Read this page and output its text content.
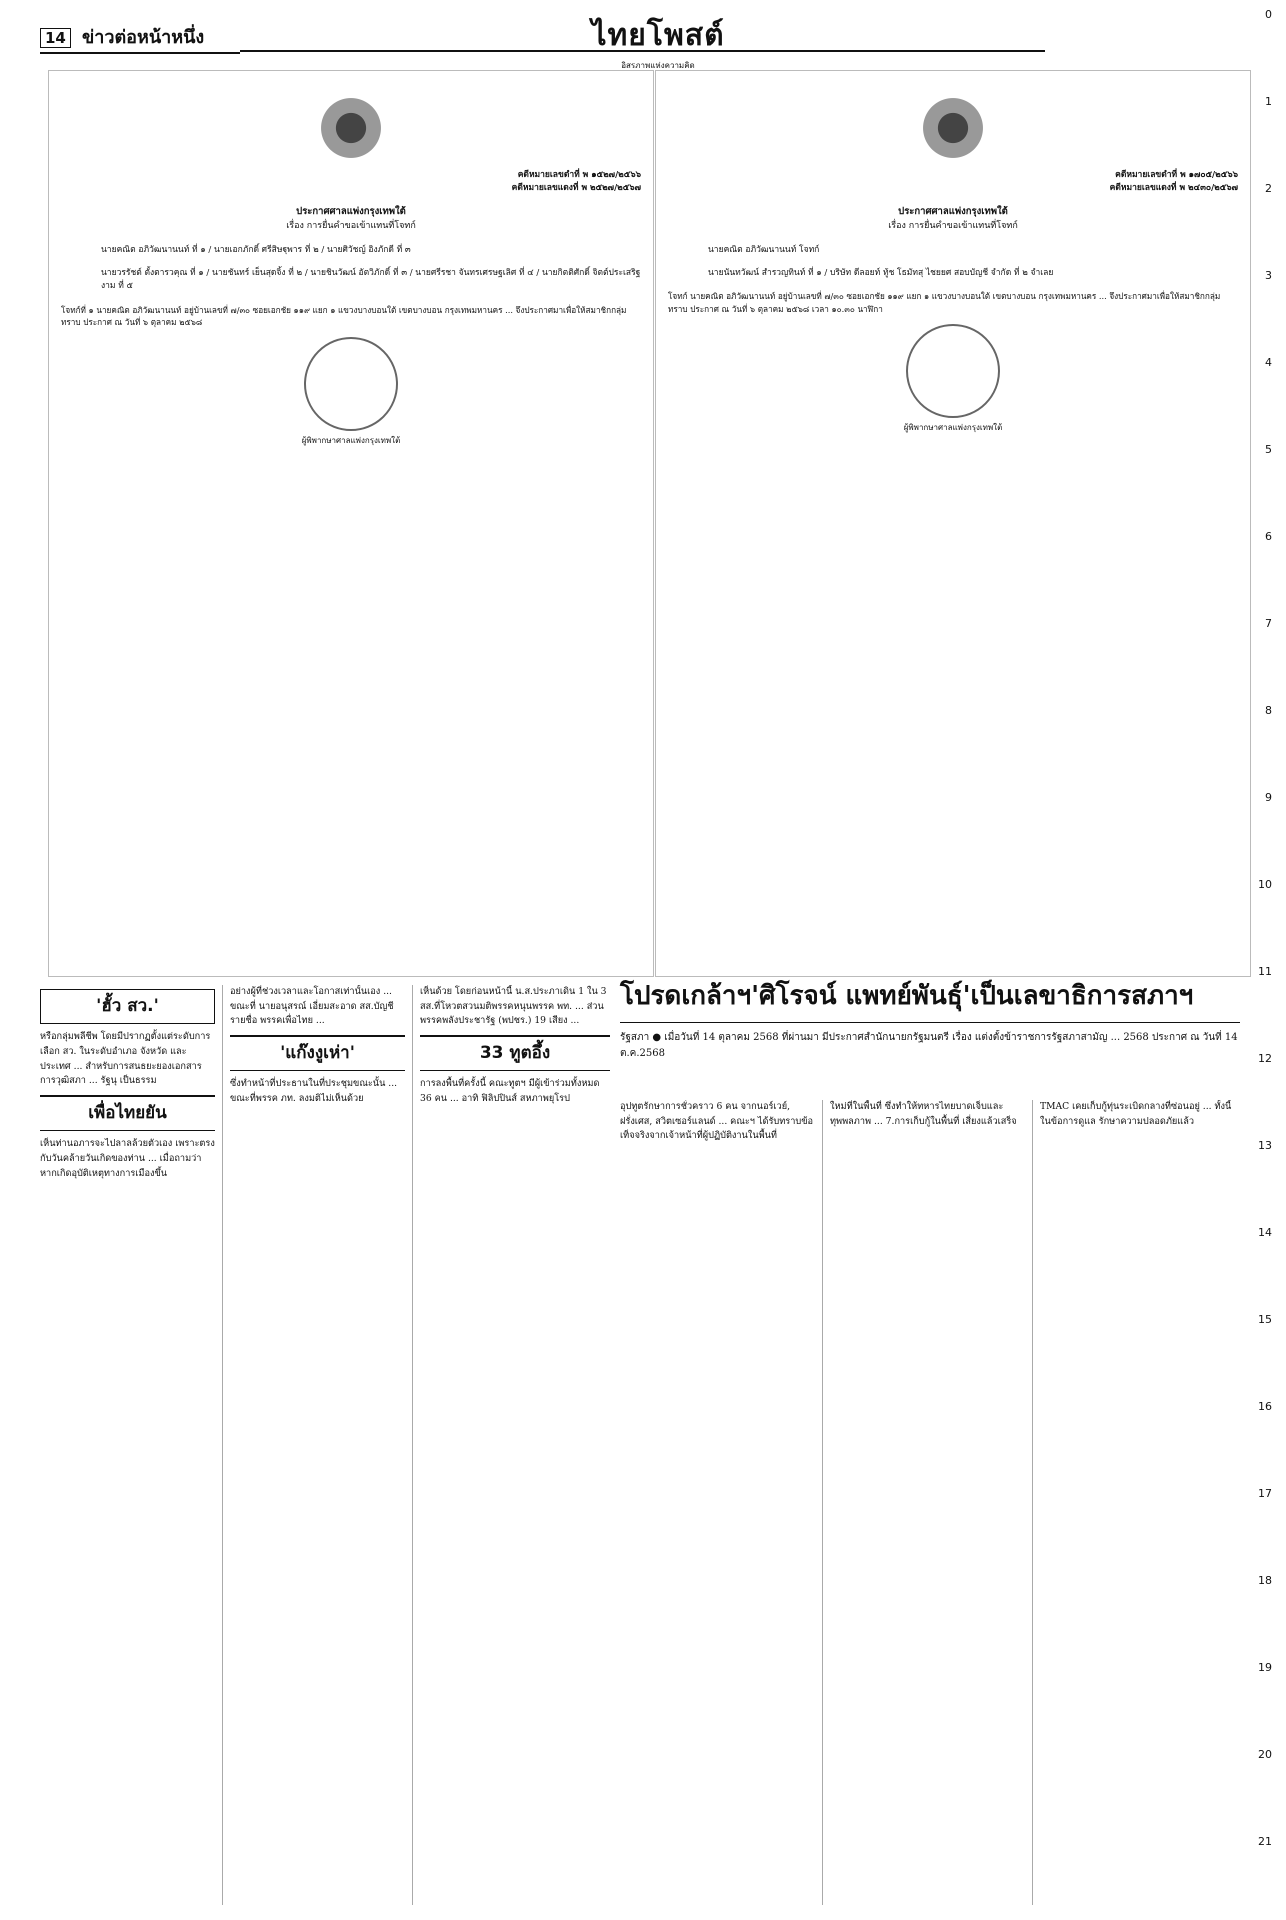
14 ข่าวต่อหน้าหนึ่ง	ไทยโพสต์
อิสรภาพแห่งความคิด
0
1
2
3
4
5
6
7
8
9
10
11
12
13
14
15
16
17
18
19
20
21
คดีหมายเลขดำที่ พ ๑๕๒๗/๒๕๖๖
คดีหมายเลขแดงที่ พ ๒๕๒๗/๒๕๖๗
ประกาศศาลแพ่งกรุงเทพใต้
เรื่อง การยื่นคำขอเข้าแทนที่โจทก์
นายคณิต อภิวัฒนานนท์ ที่ ๑ / นายเอกภักดิ์ ศรีสิษฐุพาร ที่ ๒ / นายศิวัชญ์ อิงภักดี ที่ ๓
นายวรรัชต์ ตั้งตารวคุณ ที่ ๑ / นายชันทร์ เย็นสุดจิ้ง ที่ ๒ / นายชินวัฒน์ อัตวิภักดิ์ ที่ ๓ / นายศรีรชา จันทรเศรษฐเลิศ ที่ ๔ / นายกิตติศักดิ์ จิตต์ประเสริฐงาม ที่ ๕
โจทก์ที่ ๑ นายคณิต อภิวัฒนานนท์ อยู่บ้านเลขที่ ๗/๓๐ ซอยเอกชัย ๑๑๙ แยก ๑ แขวงบางบอนใต้ เขตบางบอน กรุงเทพมหานคร ... จึงประกาศมาเพื่อให้สมาชิกกลุ่มทราบ ประกาศ ณ วันที่ ๖ ตุลาคม ๒๕๖๘
ผู้พิพากษาศาลแพ่งกรุงเทพใต้
คดีหมายเลขดำที่ พ ๑๗๐๕/๒๕๖๖
คดีหมายเลขแดงที่ พ ๒๔๓๐/๒๕๖๗
ประกาศศาลแพ่งกรุงเทพใต้
เรื่อง การยื่นคำขอเข้าแทนที่โจทก์
นายคณิต อภิวัฒนานนท์ โจทก์
นายนันทวัฒน์ สำรวญทินท์ ที่ ๑ / บริษัท ดีลอยท์ ทู้ช โธมัทสุ ไชยยศ สอบบัญชี จำกัด ที่ ๒ จำเลย
โจทก์ นายคณิต อภิวัฒนานนท์ อยู่บ้านเลขที่ ๗/๓๐ ซอยเอกชัย ๑๑๙ แยก ๑ แขวงบางบอนใต้ เขตบางบอน กรุงเทพมหานคร ... จึงประกาศมาเพื่อให้สมาชิกกลุ่มทราบ ประกาศ ณ วันที่ ๖ ตุลาคม ๒๕๖๘ เวลา ๑๐.๓๐ นาฬิกา
ผู้พิพากษาศาลแพ่งกรุงเทพใต้
'ฮั้ว สว.'
หรือกลุ่มพลีชีพ โดยมีปรากฏตั้งแต่ระดับการเลือก สว. ในระดับอำเภอ จังหวัด และประเทศ ... สำหรับการสนธยะยองเอกสารการวุฒิสภา ... รัฐนุ เป็นธรรม
เพื่อไทยยัน
เห็นท่านอภารจะไปลาลล้วยตัวเอง เพราะตรงกับวันคล้ายวันเกิดของท่าน ... เมื่อถามว่า หากเกิดอุบัติเหตุทางการเมืองขึ้น
อย่างผู้ที่ช่วงเวลาและโอกาสเท่านั้นเอง ... ขณะที่ นายอนุสรณ์ เอี่ยมสะอาด สส.บัญชีรายชื่อ พรรคเพื่อไทย ...
'แก๊งงูเห่า'
ซึ่งทำหน้าที่ประธานในที่ประชุมขณะนั้น ... ขณะที่พรรค ภท. ลงมติไม่เห็นด้วย
เห็นด้วย โดยก่อนหน้านี้ น.ส.ประภาเดิน 1 ใน 3 สส.ที่โหวตสวนมติพรรคหนุนพรรค พท. ... ส่วนพรรคพลังประชารัฐ (พปชร.) 19 เสียง ...
33 ทูตอึ้ง
การลงพื้นที่ครั้งนี้ คณะทูตฯ มีผู้เข้าร่วมทั้งหมด 36 คน ... อาทิ ฟิลิปปินส์ สหภาพยุโรป
โปรดเกล้าฯ'ศิโรจน์ แพทย์พันธุ์'เป็นเลขาธิการสภาฯ
รัฐสภา ● เมื่อวันที่ 14 ตุลาคม 2568 ที่ผ่านมา มีประกาศสำนักนายกรัฐมนตรี เรื่อง แต่งตั้งข้าราชการรัฐสภาสามัญ ... 2568 ประกาศ ณ วันที่ 14 ต.ค.2568
อุปทูตรักษาการชั่วคราว 6 คน จากนอร์เวย์, ฝรั่งเศส, สวิตเซอร์แลนด์ ... คณะฯ ได้รับทราบข้อเท็จจริงจากเจ้าหน้าที่ผู้ปฏิบัติงานในพื้นที่
ใหม่ที่ในพื้นที่ ซึ่งทำให้ทหารไทยบาดเจ็บและทุพพลภาพ ... 7.การเก็บกู้ในพื้นที่ เสี่ยงแล้วเสร็จ
TMAC เคยเก็บกู้ทุ่นระเบิดกลางที่ซ่อนอยู่ ... ทั้งนี้ ในข้อการดูแล รักษาความปลอดภัยแล้ว
